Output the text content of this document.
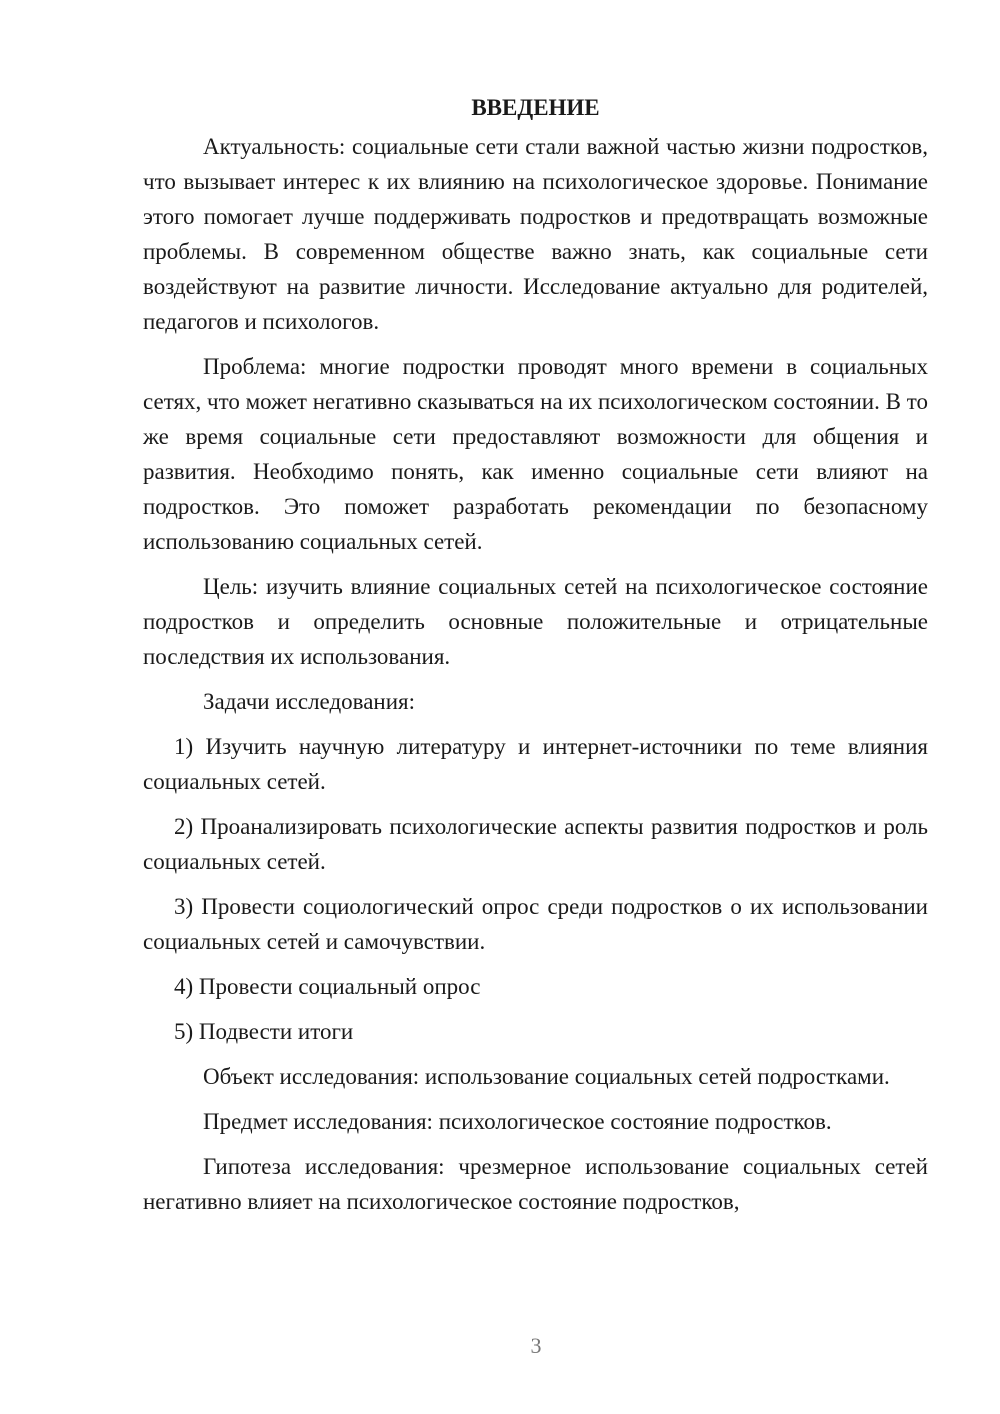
ВВЕДЕНИЕ

Актуальность: социальные сети стали важной частью жизни подростков, что вызывает интерес к их влиянию на психологическое здоровье. Понимание этого помогает лучше поддерживать подростков и предотвращать возможные проблемы. В современном обществе важно знать, как социальные сети воздействуют на развитие личности. Исследование актуально для родителей, педагогов и психологов.

Проблема: многие подростки проводят много времени в социальных сетях, что может негативно сказываться на их психологическом состоянии. В то же время социальные сети предоставляют возможности для общения и развития. Необходимо понять, как именно социальные сети влияют на подростков. Это поможет разработать рекомендации по безопасному использованию социальных сетей.

Цель: изучить влияние социальных сетей на психологическое состояние подростков и определить основные положительные и отрицательные последствия их использования.

Задачи исследования:

1) Изучить научную литературу и интернет-источники по теме влияния социальных сетей.

2) Проанализировать психологические аспекты развития подростков и роль социальных сетей.

3) Провести социологический опрос среди подростков о их использовании социальных сетей и самочувствии.

4) Провести социальный опрос

5) Подвести итоги

Объект исследования: использование социальных сетей подростками.

Предмет исследования: психологическое состояние подростков.

Гипотеза исследования: чрезмерное использование социальных сетей негативно влияет на психологическое состояние подростков,

3
